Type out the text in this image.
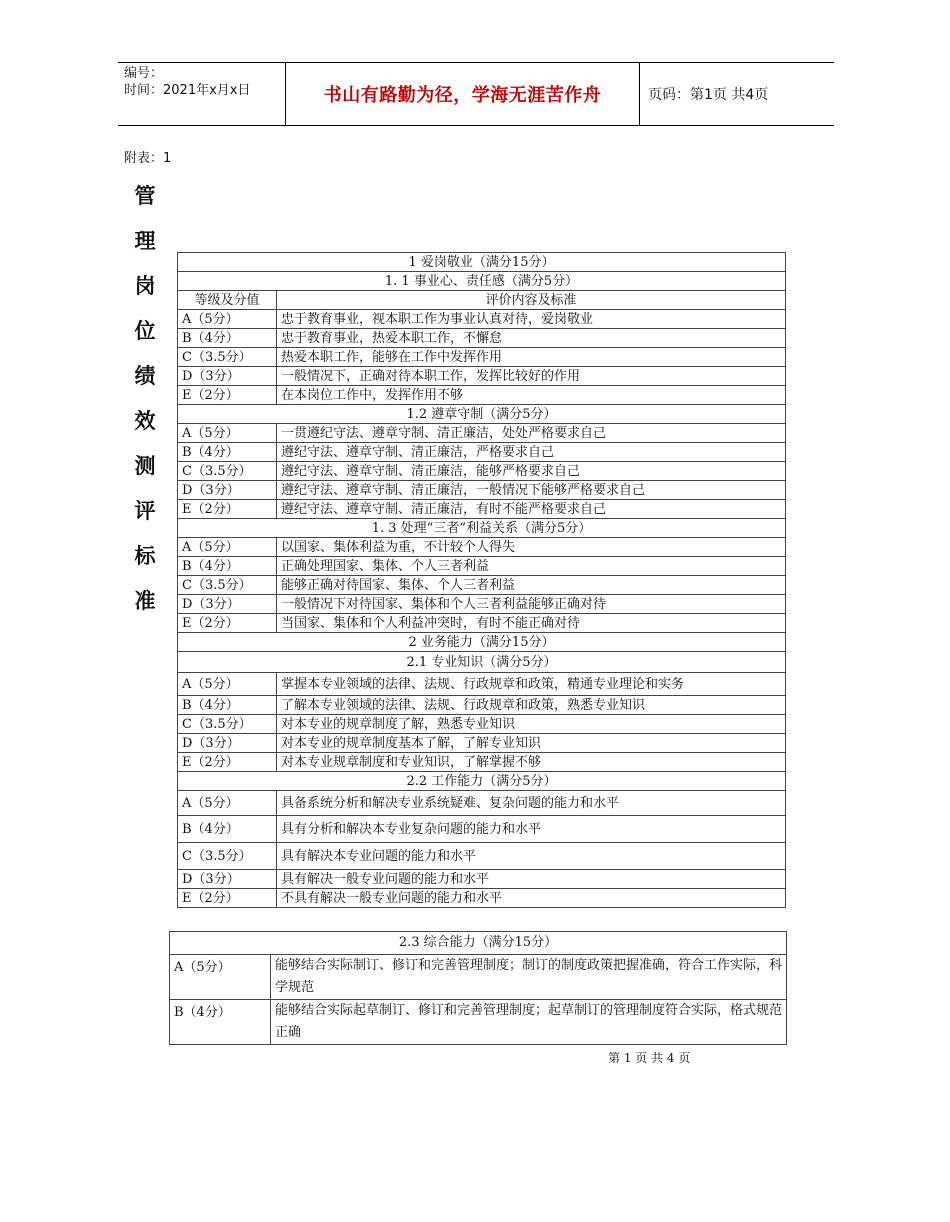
编号：
时间：2021年x月x日	书山有路勤为径，学海无涯苦作舟	页码：第1页 共4页
附表：1
管
理
岗
位
绩
效
测
评
标
准
1 爱岗敬业（满分15分）	
1. 1 事业心、责任感（满分5分）	
等级及分值	评价内容及标准
A（5分）	忠于教育事业，视本职工作为事业认真对待，爱岗敬业
B（4分）	忠于教育事业，热爱本职工作，不懈怠
C（3.5分）	热爱本职工作，能够在工作中发挥作用
D（3分）	一般情况下，正确对待本职工作，发挥比较好的作用
E（2分）	在本岗位工作中，发挥作用不够
1.2 遵章守制（满分5分）	
A（5分）	一贯遵纪守法、遵章守制、清正廉洁，处处严格要求自己
B（4分）	遵纪守法、遵章守制、清正廉洁，严格要求自己
C（3.5分）	遵纪守法、遵章守制、清正廉洁，能够严格要求自己
D（3分）	遵纪守法、遵章守制、清正廉洁，一般情况下能够严格要求自己
E（2分）	遵纪守法、遵章守制、清正廉洁，有时不能严格要求自己
1. 3 处理“三者”利益关系（满分5分）	
A（5分）	以国家、集体利益为重，不计较个人得失
B（4分）	正确处理国家、集体、个人三者利益
C（3.5分）	能够正确对待国家、集体、个人三者利益
D（3分）	一般情况下对待国家、集体和个人三者利益能够正确对待
E（2分）	当国家、集体和个人利益冲突时，有时不能正确对待
2 业务能力（满分15分）	
2.1 专业知识（满分5分）	
A（5分）	掌握本专业领域的法律、法规、行政规章和政策，精通专业理论和实务
B（4分）	了解本专业领域的法律、法规、行政规章和政策，熟悉专业知识
C（3.5分）	对本专业的规章制度了解，熟悉专业知识
D（3分）	对本专业的规章制度基本了解，了解专业知识
E（2分）	对本专业规章制度和专业知识，了解掌握不够
2.2 工作能力（满分5分）	
A（5分）	具备系统分析和解决专业系统疑难、复杂问题的能力和水平
B（4分）	具有分析和解决本专业复杂问题的能力和水平
C（3.5分）	具有解决本专业问题的能力和水平
D（3分）	具有解决一般专业问题的能力和水平
E（2分）	不具有解决一般专业问题的能力和水平
2.3 综合能力（满分15分）	
A（5分）	能够结合实际制订、修订和完善管理制度；制订的制度政策把握准确，符合工作实际，科学规范
B（4分）	能够结合实际起草制订、修订和完善管理制度；起草制订的管理制度符合实际，格式规范正确
第 1 页 共 4 页
